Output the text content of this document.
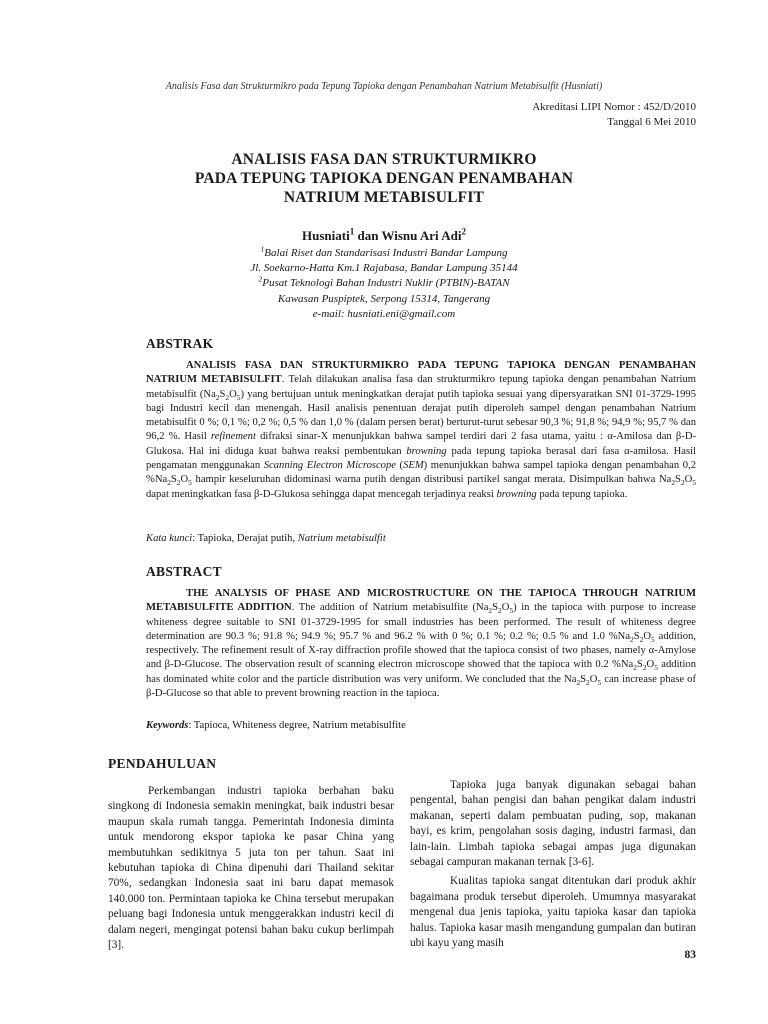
Analisis Fasa dan Strukturmikro pada Tepung Tapioka dengan Penambahan Natrium Metabisulfit (Husniati)
Akreditasi LIPI Nomor : 452/D/2010
Tanggal 6 Mei 2010
ANALISIS FASA DAN STRUKTURMIKRO
PADA TEPUNG TAPIOKA DENGAN PENAMBAHAN
NATRIUM METABISULFIT
Husniati$^1$ dan Wisnu Ari Adi$^2$
$^1$Balai Riset dan Standarisasi Industri Bandar Lampung
Jl. Soekarno-Hatta Km.1 Rajabasa, Bandar Lampung 35144
$^2$Pusat Teknologi Bahan Industri Nuklir (PTBIN)-BATAN
Kawasan Puspiptek, Serpong 15314, Tangerang
e-mail: husniati.eni@gmail.com
ABSTRAK
ANALISIS FASA DAN STRUKTURMIKRO PADA TEPUNG TAPIOKA DENGAN PENAMBAHAN NATRIUM METABISULFIT. Telah dilakukan analisa fasa dan strukturmikro tepung tapioka dengan penambahan Natrium metabisulfit $(Na_2S_2O_5)$ yang bertujuan untuk meningkatkan derajat putih tapioka sesuai yang dipersyaratkan SNI 01-3729-1995 bagi Industri kecil dan menengah. Hasil analisis penentuan derajat putih diperoleh sampel dengan penambahan Natrium metabisulfit 0 %; 0,1 %; 0,2 %; 0,5 % dan 1,0 % (dalam persen berat) berturut-turut sebesar 90,3 %; 91,8 %; 94,9 %; 95,7 % dan 96,2 %. Hasil refinement difraksi sinar-X menunjukkan bahwa sampel terdiri dari 2 fasa utama, yaitu : α-Amilosa dan β-D-Glukosa. Hal ini diduga kuat bahwa reaksi pembentukan browning pada tepung tapioka berasal dari fasa α-amilosa. Hasil pengamatan menggunakan Scanning Electron Microscope (SEM) menunjukkan bahwa sampel tapioka dengan penambahan 0,2 $\%Na_2S_2O_5$ hampir keseluruhan didominasi warna putih dengan distribusi partikel sangat merata. Disimpulkan bahwa $Na_2S_2O_5$ dapat meningkatkan fasa β-D-Glukosa sehingga dapat mencegah terjadinya reaksi browning pada tepung tapioka.
Kata kunci: Tapioka, Derajat putih, Natrium metabisulfit
ABSTRACT
THE ANALYSIS OF PHASE AND MICROSTRUCTURE ON THE TAPIOCA THROUGH NATRIUM METABISULFITE ADDITION. The addition of Natrium metabisulfite $(Na_2S_2O_5)$ in the tapioca with purpose to increase whiteness degree suitable to SNI 01-3729-1995 for small industries has been performed. The result of whiteness degree determination are 90.3 %; 91.8 %; 94.9 %; 95.7 % and 96.2 % with 0 %; 0.1 %; 0.2 %; 0.5 % and 1.0 $\%Na_2S_2O_5$ addition, respectively. The refinement result of X-ray diffraction profile showed that the tapioca consist of two phases, namely α-Amylose and β-D-Glucose. The observation result of scanning electron microscope showed that the tapioca with 0.2 $\%Na_2S_2O_5$ addition has dominated white color and the particle distribution was very uniform. We concluded that the $Na_2S_2O_5$ can increase phase of β-D-Glucose so that able to prevent browning reaction in the tapioca.
Keywords: Tapioca, Whiteness degree, Natrium metabisulfite
PENDAHULUAN

Perkembangan industri tapioka berbahan baku singkong di Indonesia semakin meningkat, baik industri besar maupun skala rumah tangga. Pemerintah Indonesia diminta untuk mendorong ekspor tapioka ke pasar China yang membutuhkan sedikitnya 5 juta ton per tahun. Saat ini kebutuhan tapioka di China dipenuhi dari Thailand sekitar 70%, sedangkan Indonesia saat ini baru dapat memasok 140.000 ton. Permintaan tapioka ke China tersebut merupakan peluang bagi Indonesia untuk menggerakkan industri kecil di dalam negeri, mengingat potensi bahan baku cukup berlimpah [3].

Tapioka juga banyak digunakan sebagai bahan pengental, bahan pengisi dan bahan pengikat dalam industri makanan, seperti dalam pembuatan puding, sop, makanan bayi, es krim, pengolahan sosis daging, industri farmasi, dan lain-lain. Limbah tapioka sebagai ampas juga digunakan sebagai campuran makanan ternak [3-6].

Kualitas tapioka sangat ditentukan dari produk akhir bagaimana produk tersebut diperoleh. Umumnya masyarakat mengenal dua jenis tapioka, yaitu tapioka kasar dan tapioka halus. Tapioka kasar masih mengandung gumpalan dan butiran ubi kayu yang masih

83
